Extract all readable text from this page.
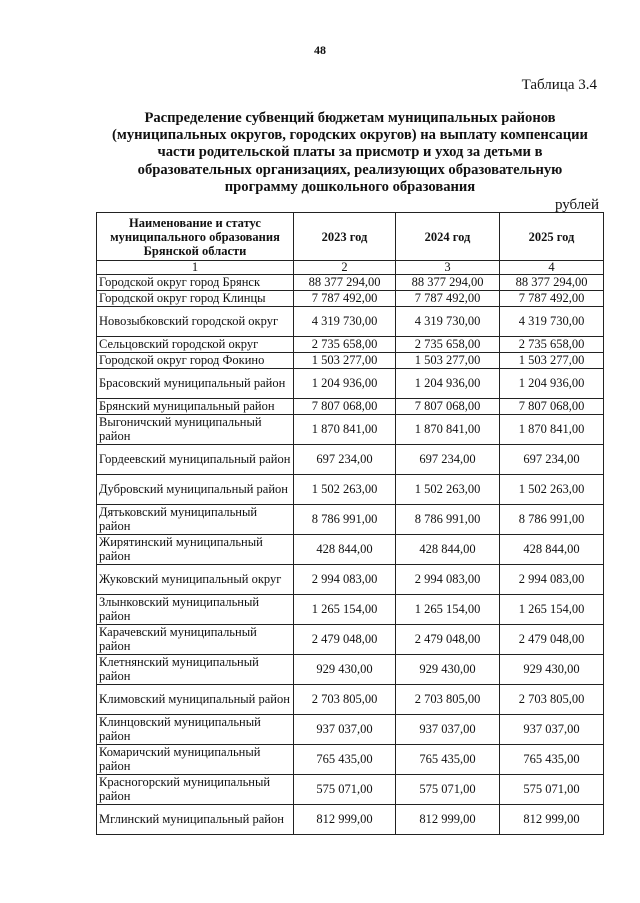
48
Таблица 3.4
Распределение субвенций бюджетам муниципальных районов
(муниципальных округов, городских округов) на выплату компенсации
части родительской платы за присмотр и уход за детьми в
образовательных организациях, реализующих образовательную
программу дошкольного образования
рублей
Наименование и статус муниципального образования Брянской области	2023 год	2024 год	2025 год
1	2	3	4
Городской округ город Брянск	88 377 294,00	88 377 294,00	88 377 294,00
Городской округ город Клинцы	7 787 492,00	7 787 492,00	7 787 492,00
Новозыбковский городской округ	4 319 730,00	4 319 730,00	4 319 730,00
Сельцовский городской округ	2 735 658,00	2 735 658,00	2 735 658,00
Городской округ город Фокино	1 503 277,00	1 503 277,00	1 503 277,00
Брасовский муниципальный район	1 204 936,00	1 204 936,00	1 204 936,00
Брянский муниципальный район	7 807 068,00	7 807 068,00	7 807 068,00
Выгоничский муниципальный район	1 870 841,00	1 870 841,00	1 870 841,00
Гордеевский муниципальный район	697 234,00	697 234,00	697 234,00
Дубровский муниципальный район	1 502 263,00	1 502 263,00	1 502 263,00
Дятьковский муниципальный район	8 786 991,00	8 786 991,00	8 786 991,00
Жирятинский муниципальный район	428 844,00	428 844,00	428 844,00
Жуковский муниципальный округ	2 994 083,00	2 994 083,00	2 994 083,00
Злынковский муниципальный район	1 265 154,00	1 265 154,00	1 265 154,00
Карачевский муниципальный район	2 479 048,00	2 479 048,00	2 479 048,00
Клетнянский муниципальный район	929 430,00	929 430,00	929 430,00
Климовский муниципальный район	2 703 805,00	2 703 805,00	2 703 805,00
Клинцовский муниципальный район	937 037,00	937 037,00	937 037,00
Комаричский муниципальный район	765 435,00	765 435,00	765 435,00
Красногорский муниципальный район	575 071,00	575 071,00	575 071,00
Мглинский муниципальный район	812 999,00	812 999,00	812 999,00
